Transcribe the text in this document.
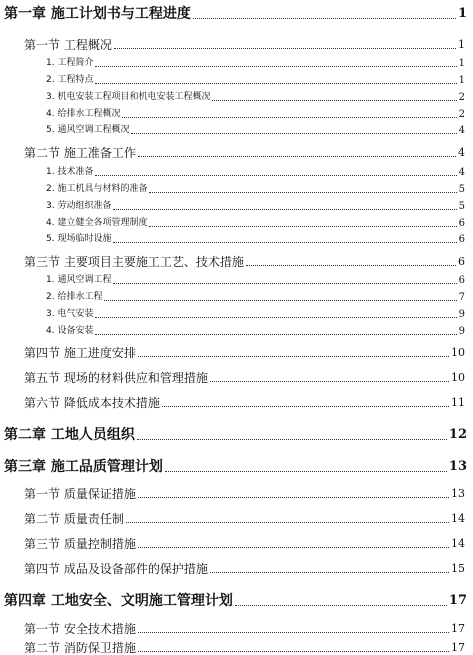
第一章 施工计划书与工程进度	1
第一节 工程概况	1
1. 工程简介	1
2. 工程特点	1
3. 机电安装工程项目和机电安装工程概况	2
4. 给排水工程概况	2
5. 通风空调工程概况	4
第二节 施工准备工作	4
1. 技术准备	4
2. 施工机具与材料的准备	5
3. 劳动组织准备	5
4. 建立健全各项管理制度	6
5. 现场临时设施	6
第三节 主要项目主要施工工艺、技术措施	6
1. 通风空调工程	6
2. 给排水工程	7
3. 电气安装	9
4. 设备安装	9
第四节 施工进度安排	10
第五节 现场的材料供应和管理措施	10
第六节 降低成本技术措施	11
第二章 工地人员组织	12
第三章 施工品质管理计划	13
第一节 质量保证措施	13
第二节 质量责任制	14
第三节 质量控制措施	14
第四节 成品及设备部件的保护措施	15
第四章 工地安全、文明施工管理计划	17
第一节 安全技术措施	17
第二节 消防保卫措施	17
